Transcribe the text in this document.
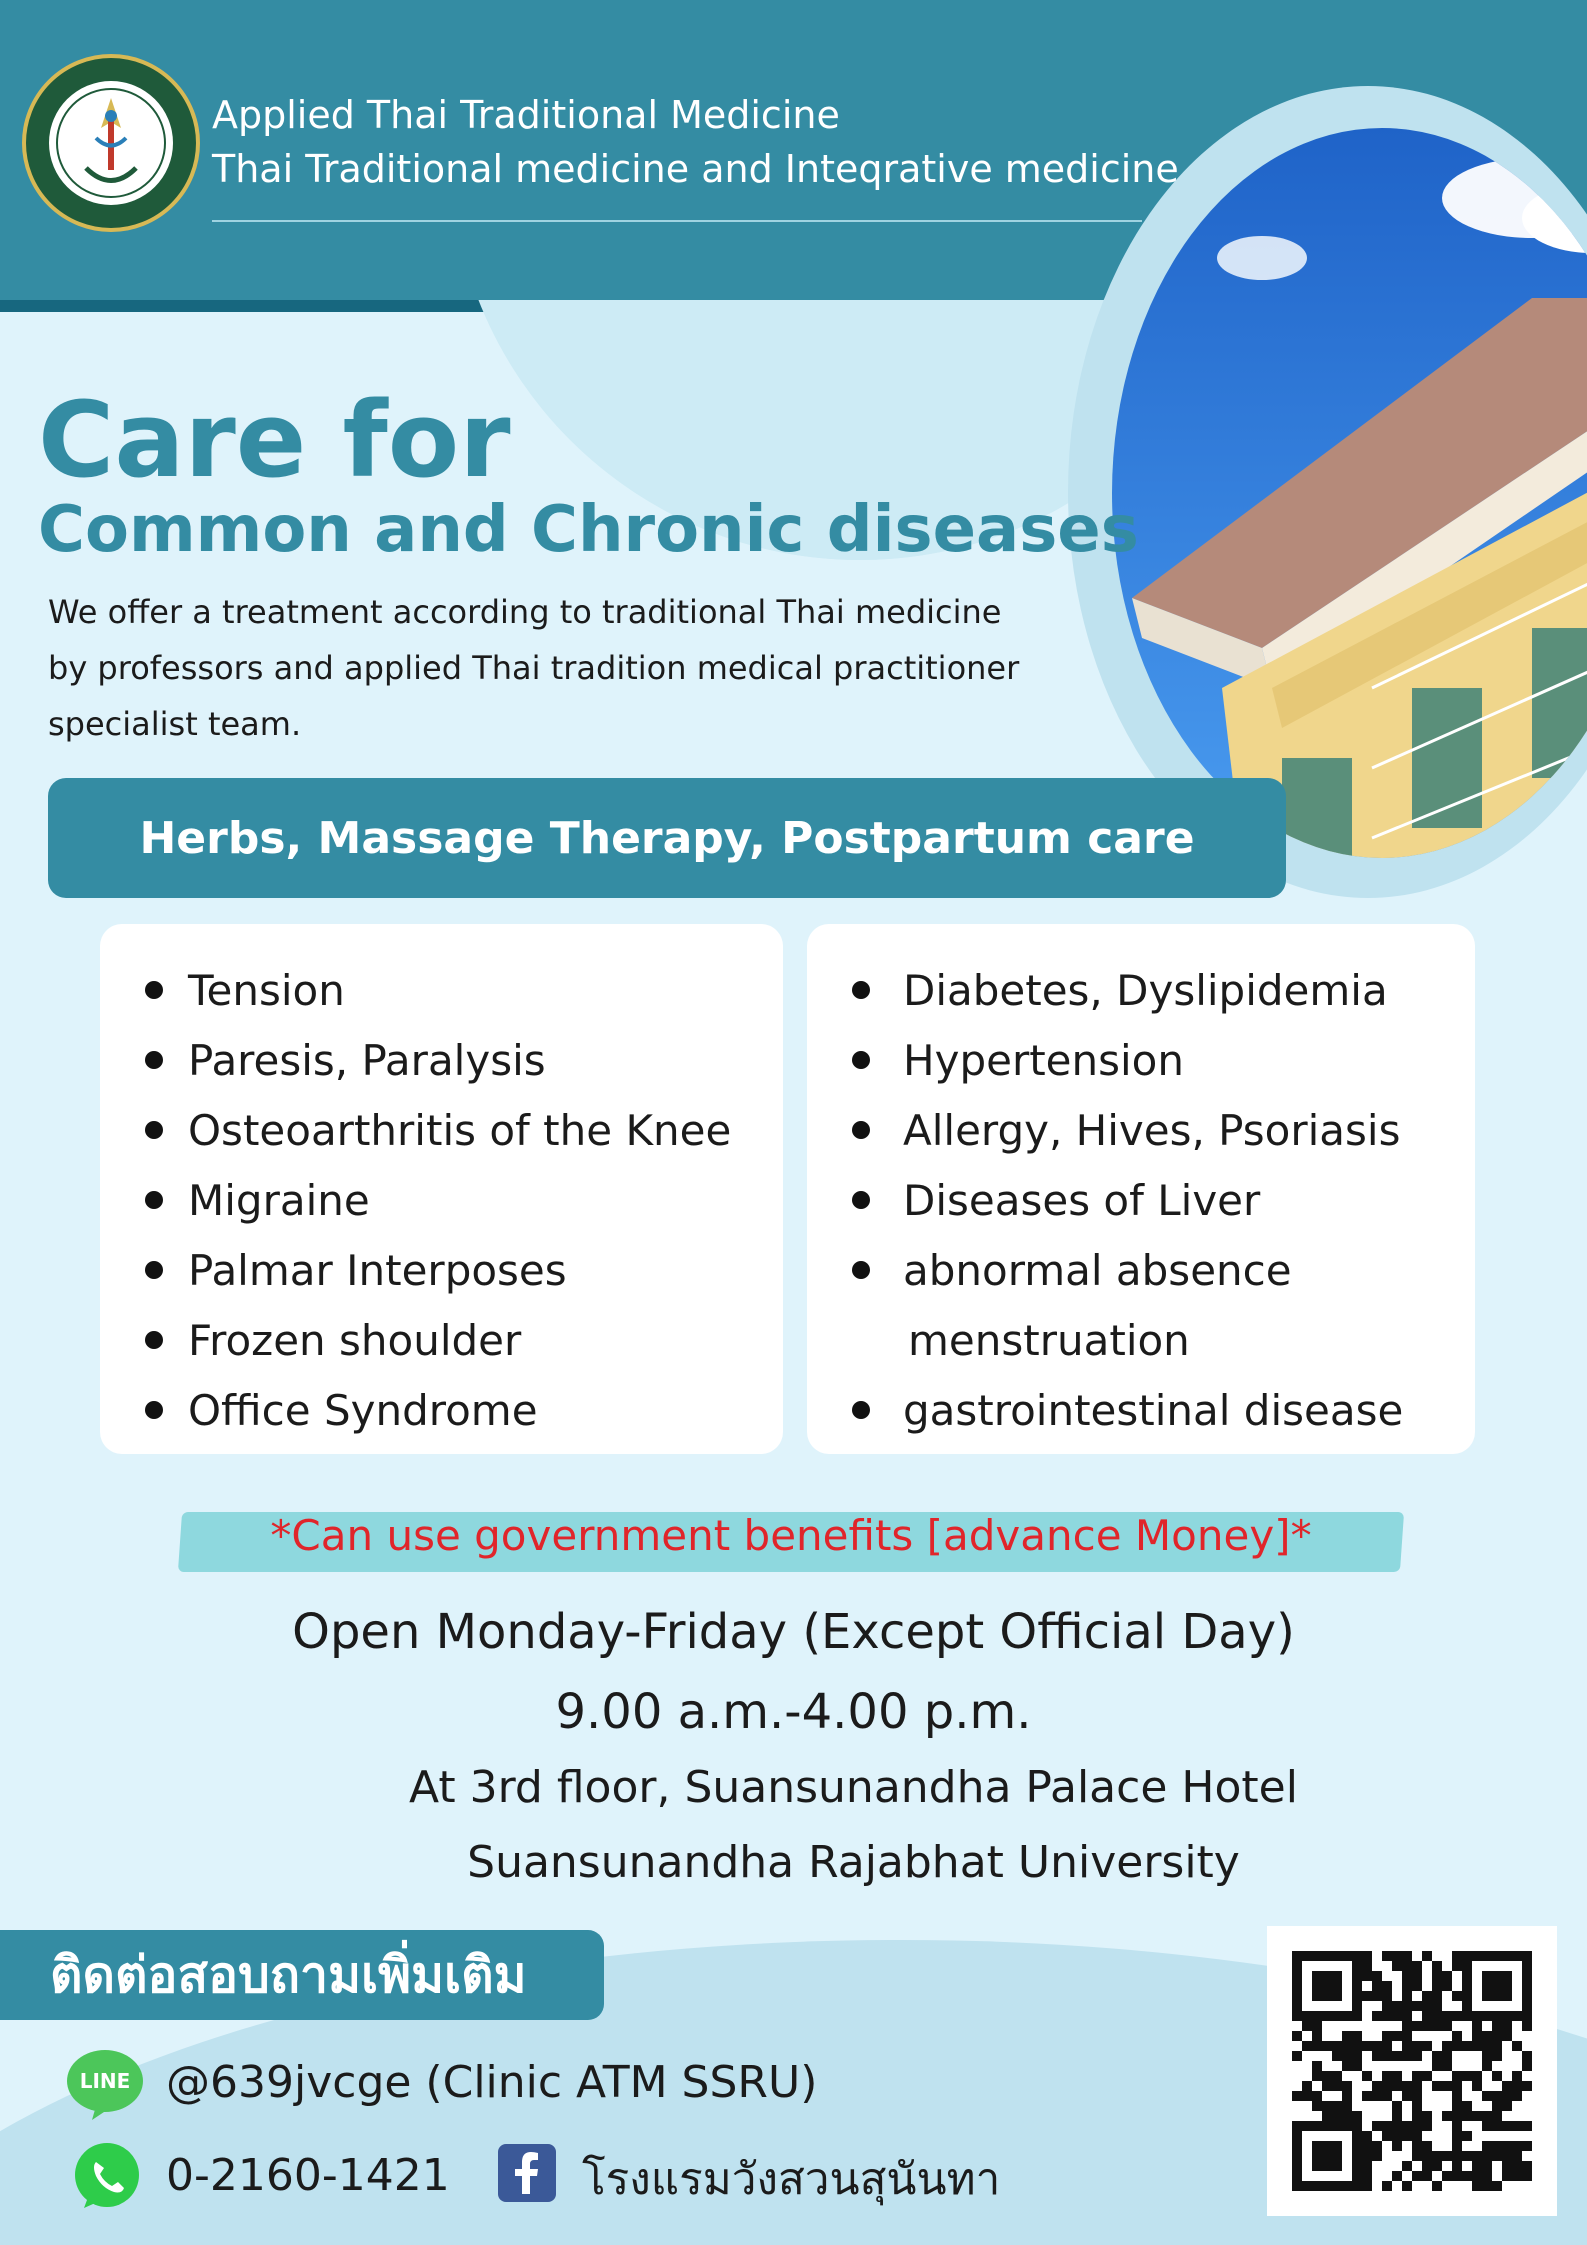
Applied Thai Traditional Medicine
Thai Traditional medicine and Inteqrative medicine
Care for
Common and Chronic diseases
We offer a treatment according to traditional Thai medicine
by professors and applied Thai tradition medical practitioner
specialist team.
Herbs, Massage Therapy, Postpartum care
Tension
Paresis, Paralysis
Osteoarthritis of the Knee
Migraine
Palmar Interposes
Frozen shoulder
Office Syndrome
Diabetes, Dyslipidemia
Hypertension
Allergy, Hives, Psoriasis
Diseases of Liver
abnormal absence
menstruation
gastrointestinal disease
*Can use government benefits [advance Money]*
Open Monday-Friday (Except Official Day)
9.00 a.m.-4.00 p.m.
At 3rd floor, Suansunandha Palace Hotel
Suansunandha Rajabhat University
ติดต่อสอบถามเพิ่มเติม
LINE @639jvcge (Clinic ATM SSRU)
0-2160-1421	โรงแรมวังสวนสุนันทา
